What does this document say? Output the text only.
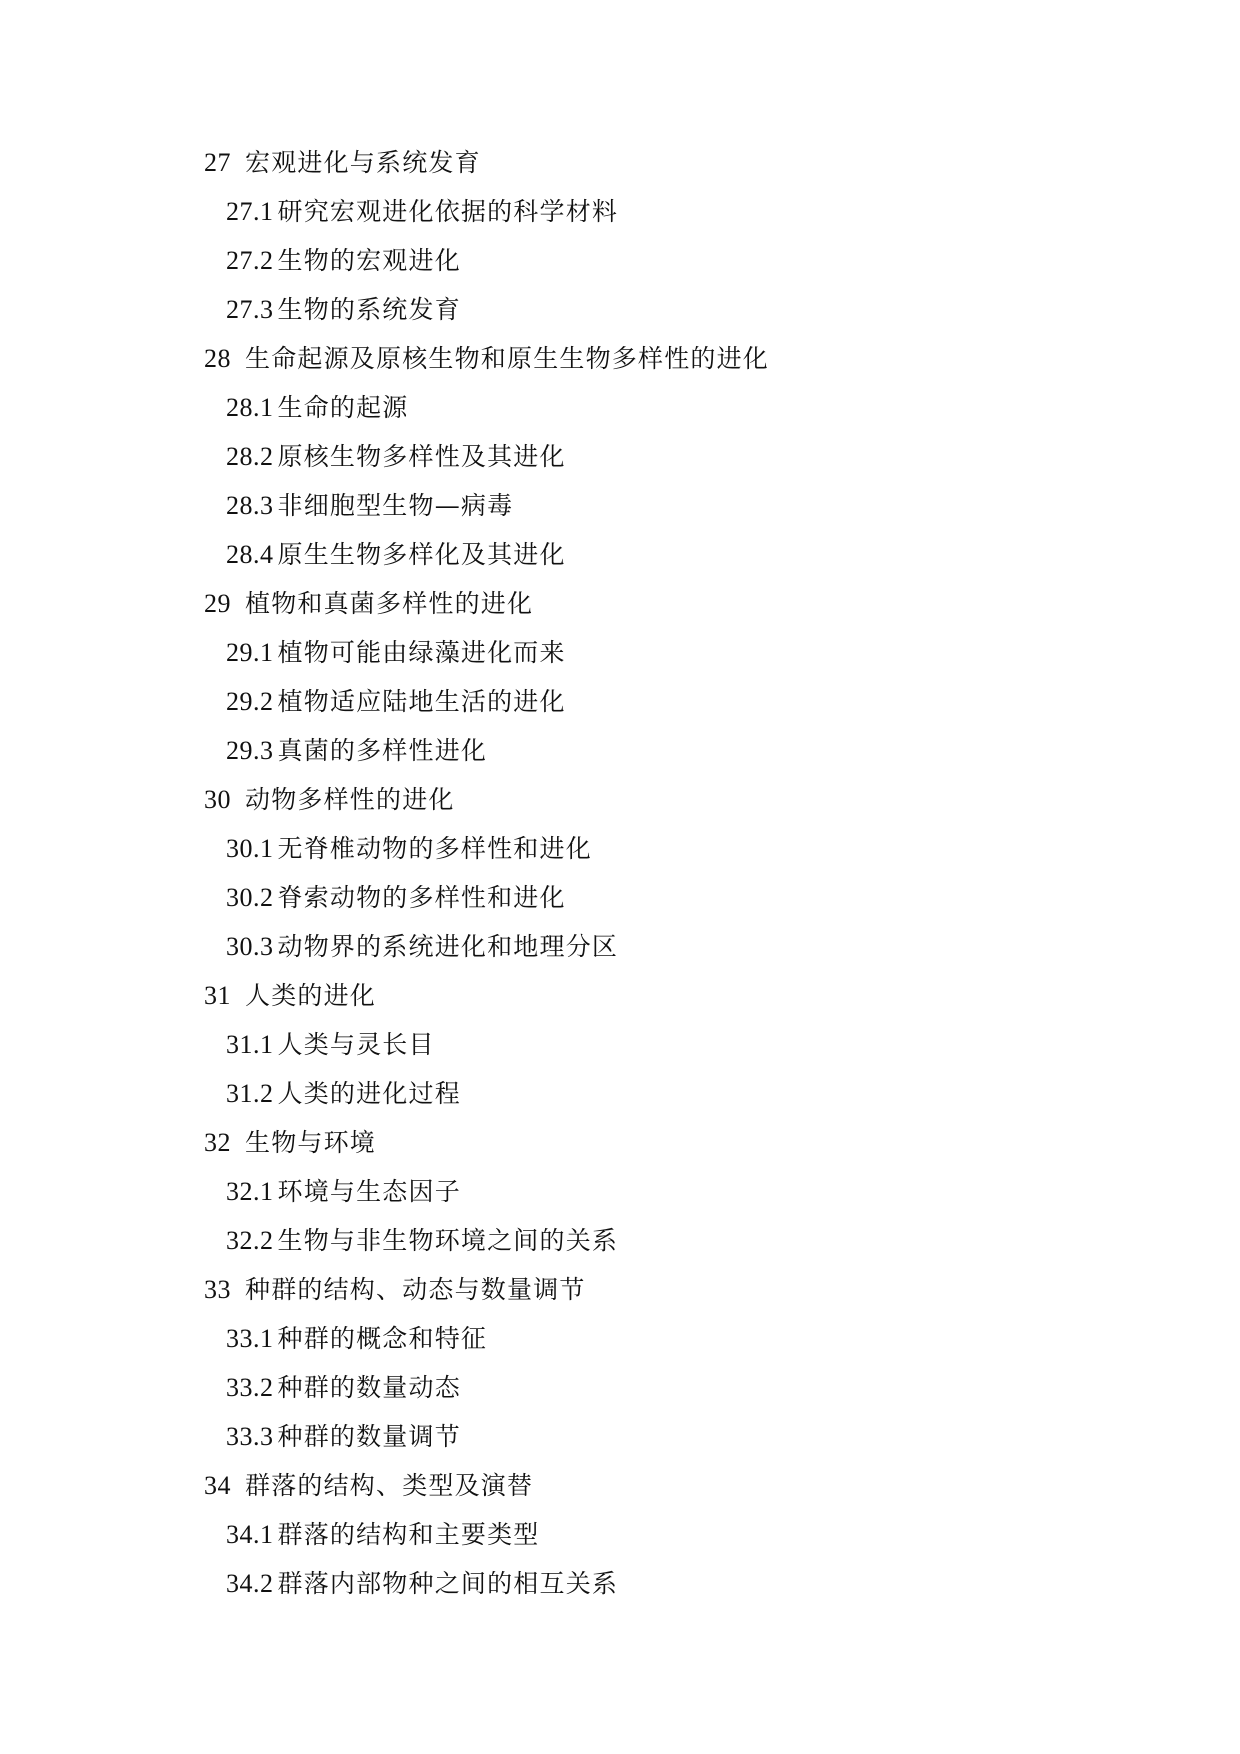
27 宏观进化与系统发育
27.1 研究宏观进化依据的科学材料
27.2 生物的宏观进化
27.3 生物的系统发育
28 生命起源及原核生物和原生生物多样性的进化
28.1 生命的起源
28.2 原核生物多样性及其进化
28.3 非细胞型生物—病毒
28.4 原生生物多样化及其进化
29 植物和真菌多样性的进化
29.1 植物可能由绿藻进化而来
29.2 植物适应陆地生活的进化
29.3 真菌的多样性进化
30 动物多样性的进化
30.1 无脊椎动物的多样性和进化
30.2 脊索动物的多样性和进化
30.3 动物界的系统进化和地理分区
31 人类的进化
31.1 人类与灵长目
31.2 人类的进化过程
32 生物与环境
32.1 环境与生态因子
32.2 生物与非生物环境之间的关系
33 种群的结构、动态与数量调节
33.1 种群的概念和特征
33.2 种群的数量动态
33.3 种群的数量调节
34 群落的结构、类型及演替
34.1 群落的结构和主要类型
34.2 群落内部物种之间的相互关系
